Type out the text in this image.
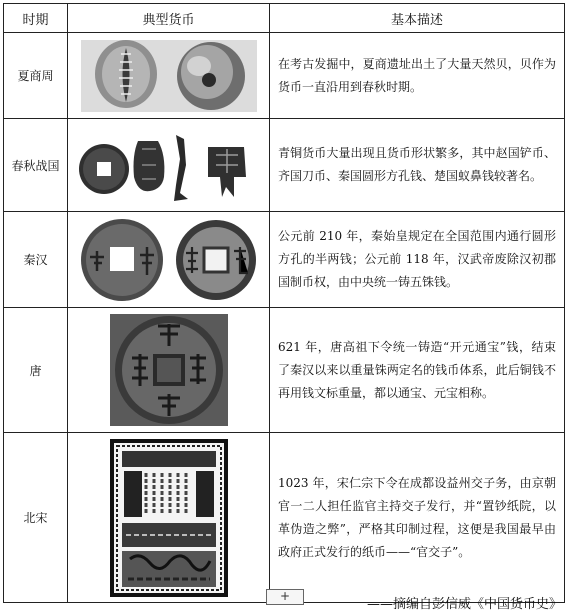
时期	典型货币	基本描述
夏商周		在考古发掘中，夏商遗址出土了大量天然贝，贝作为货币一直沿用到春秋时期。
春秋战国		青铜货币大量出现且货币形状繁多，其中赵国铲币、齐国刀币、秦国圆形方孔钱、楚国蚁鼻钱较著名。
秦汉		公元前 210 年，秦始皇规定在全国范围内通行圆形方孔的半两钱；公元前 118 年，汉武帝废除汉初郡国制币权，由中央统一铸五铢钱。
唐		621 年，唐高祖下令统一铸造“开元通宝”钱，结束了秦汉以来以重量铢两定名的钱币体系，此后铜钱不再用钱文标重量，都以通宝、元宝相称。
北宋		1023 年，宋仁宗下令在成都设益州交子务，由京朝官一二人担任监官主持交子发行，并“置钞纸院，以革伪造之弊”，严格其印制过程，这便是我国最早由政府正式发行的纸币——“官交子”。
+
——摘编自彭信威《中国货币史》
